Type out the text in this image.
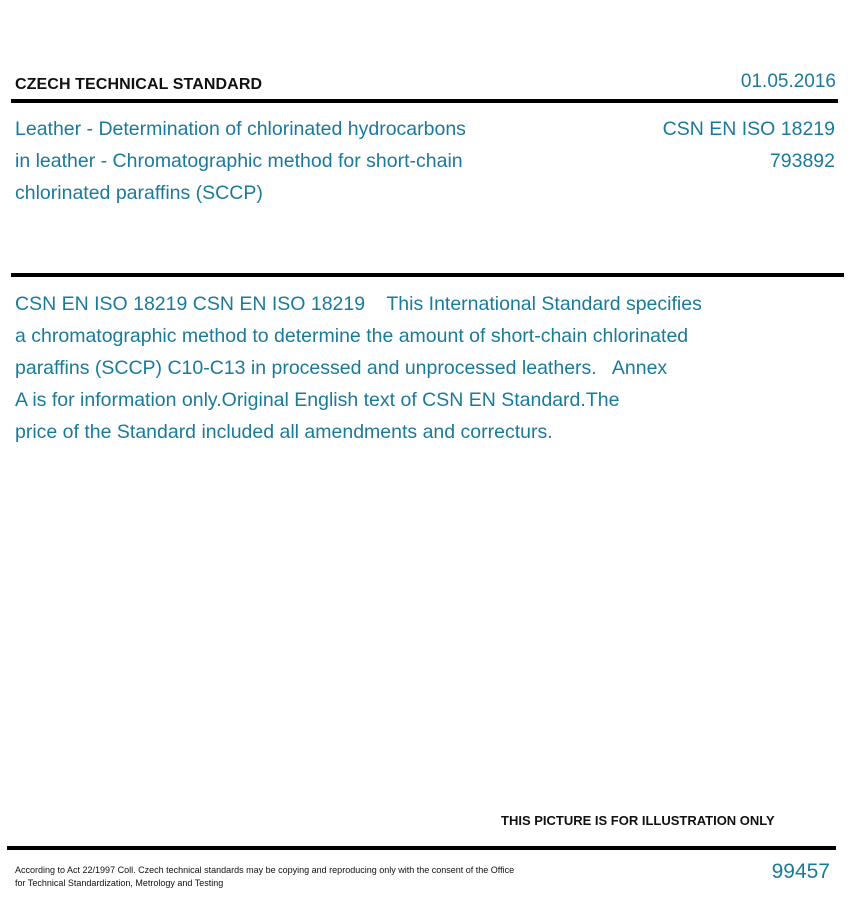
CZECH TECHNICAL STANDARD	01.05.2016
Leather - Determination of chlorinated hydrocarbons
in leather - Chromatographic method for short-chain
chlorinated paraffins (SCCP)
CSN EN ISO 18219
793892
CSN EN ISO 18219 CSN EN ISO 18219    This International Standard specifies
a chromatographic method to determine the amount of short-chain chlorinated
paraffins (SCCP) C10-C13 in processed and unprocessed leathers.   Annex
A is for information only.Original English text of CSN EN Standard.The
price of the Standard included all amendments and correcturs.
THIS PICTURE IS FOR ILLUSTRATION ONLY
According to Act 22/1997 Coll. Czech technical standards may be copying and reproducing only with the consent of the Office
for Technical Standardization, Metrology and Testing	99457
